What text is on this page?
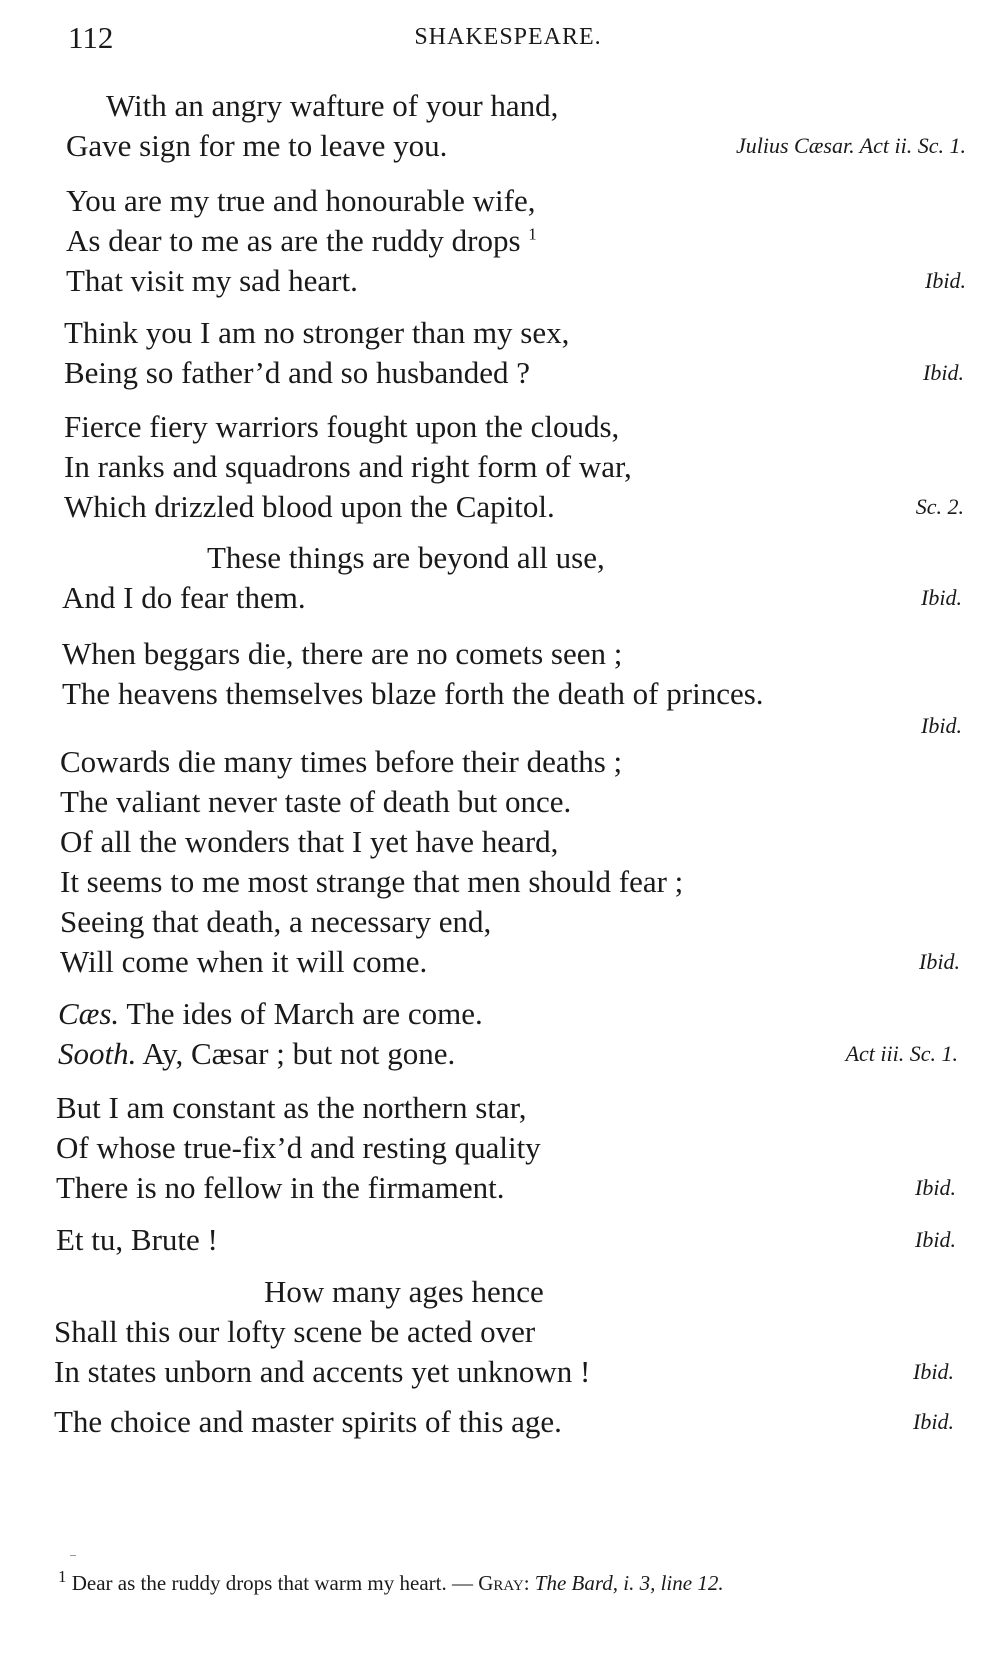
112	SHAKESPEARE.
With an angry wafture of your hand,
Gave sign for me to leave you.	Julius Cæsar. Act ii. Sc. 1.
You are my true and honourable wife,
As dear to me as are the ruddy drops $^1$
That visit my sad heart.	Ibid.
Think you I am no stronger than my sex,
Being so father’d and so husbanded ?	Ibid.
Fierce fiery warriors fought upon the clouds,
In ranks and squadrons and right form of war,
Which drizzled blood upon the Capitol.	Sc. 2.
These things are beyond all use,
And I do fear them.	Ibid.
When beggars die, there are no comets seen ;
The heavens themselves blaze forth the death of princes.
Ibid.
Cowards die many times before their deaths ;
The valiant never taste of death but once.
Of all the wonders that I yet have heard,
It seems to me most strange that men should fear ;
Seeing that death, a necessary end,
Will come when it will come.	Ibid.
Cæs. The ides of March are come.
Sooth. Ay, Cæsar ; but not gone.	Act iii. Sc. 1.
But I am constant as the northern star,
Of whose true-fix’d and resting quality
There is no fellow in the firmament.	Ibid.
Et tu, Brute !	Ibid.
How many ages hence
Shall this our lofty scene be acted over
In states unborn and accents yet unknown !	Ibid.
The choice and master spirits of this age.	Ibid.
$^1$ Dear as the ruddy drops that warm my heart. — Gray: The Bard, i. 3, line 12.
